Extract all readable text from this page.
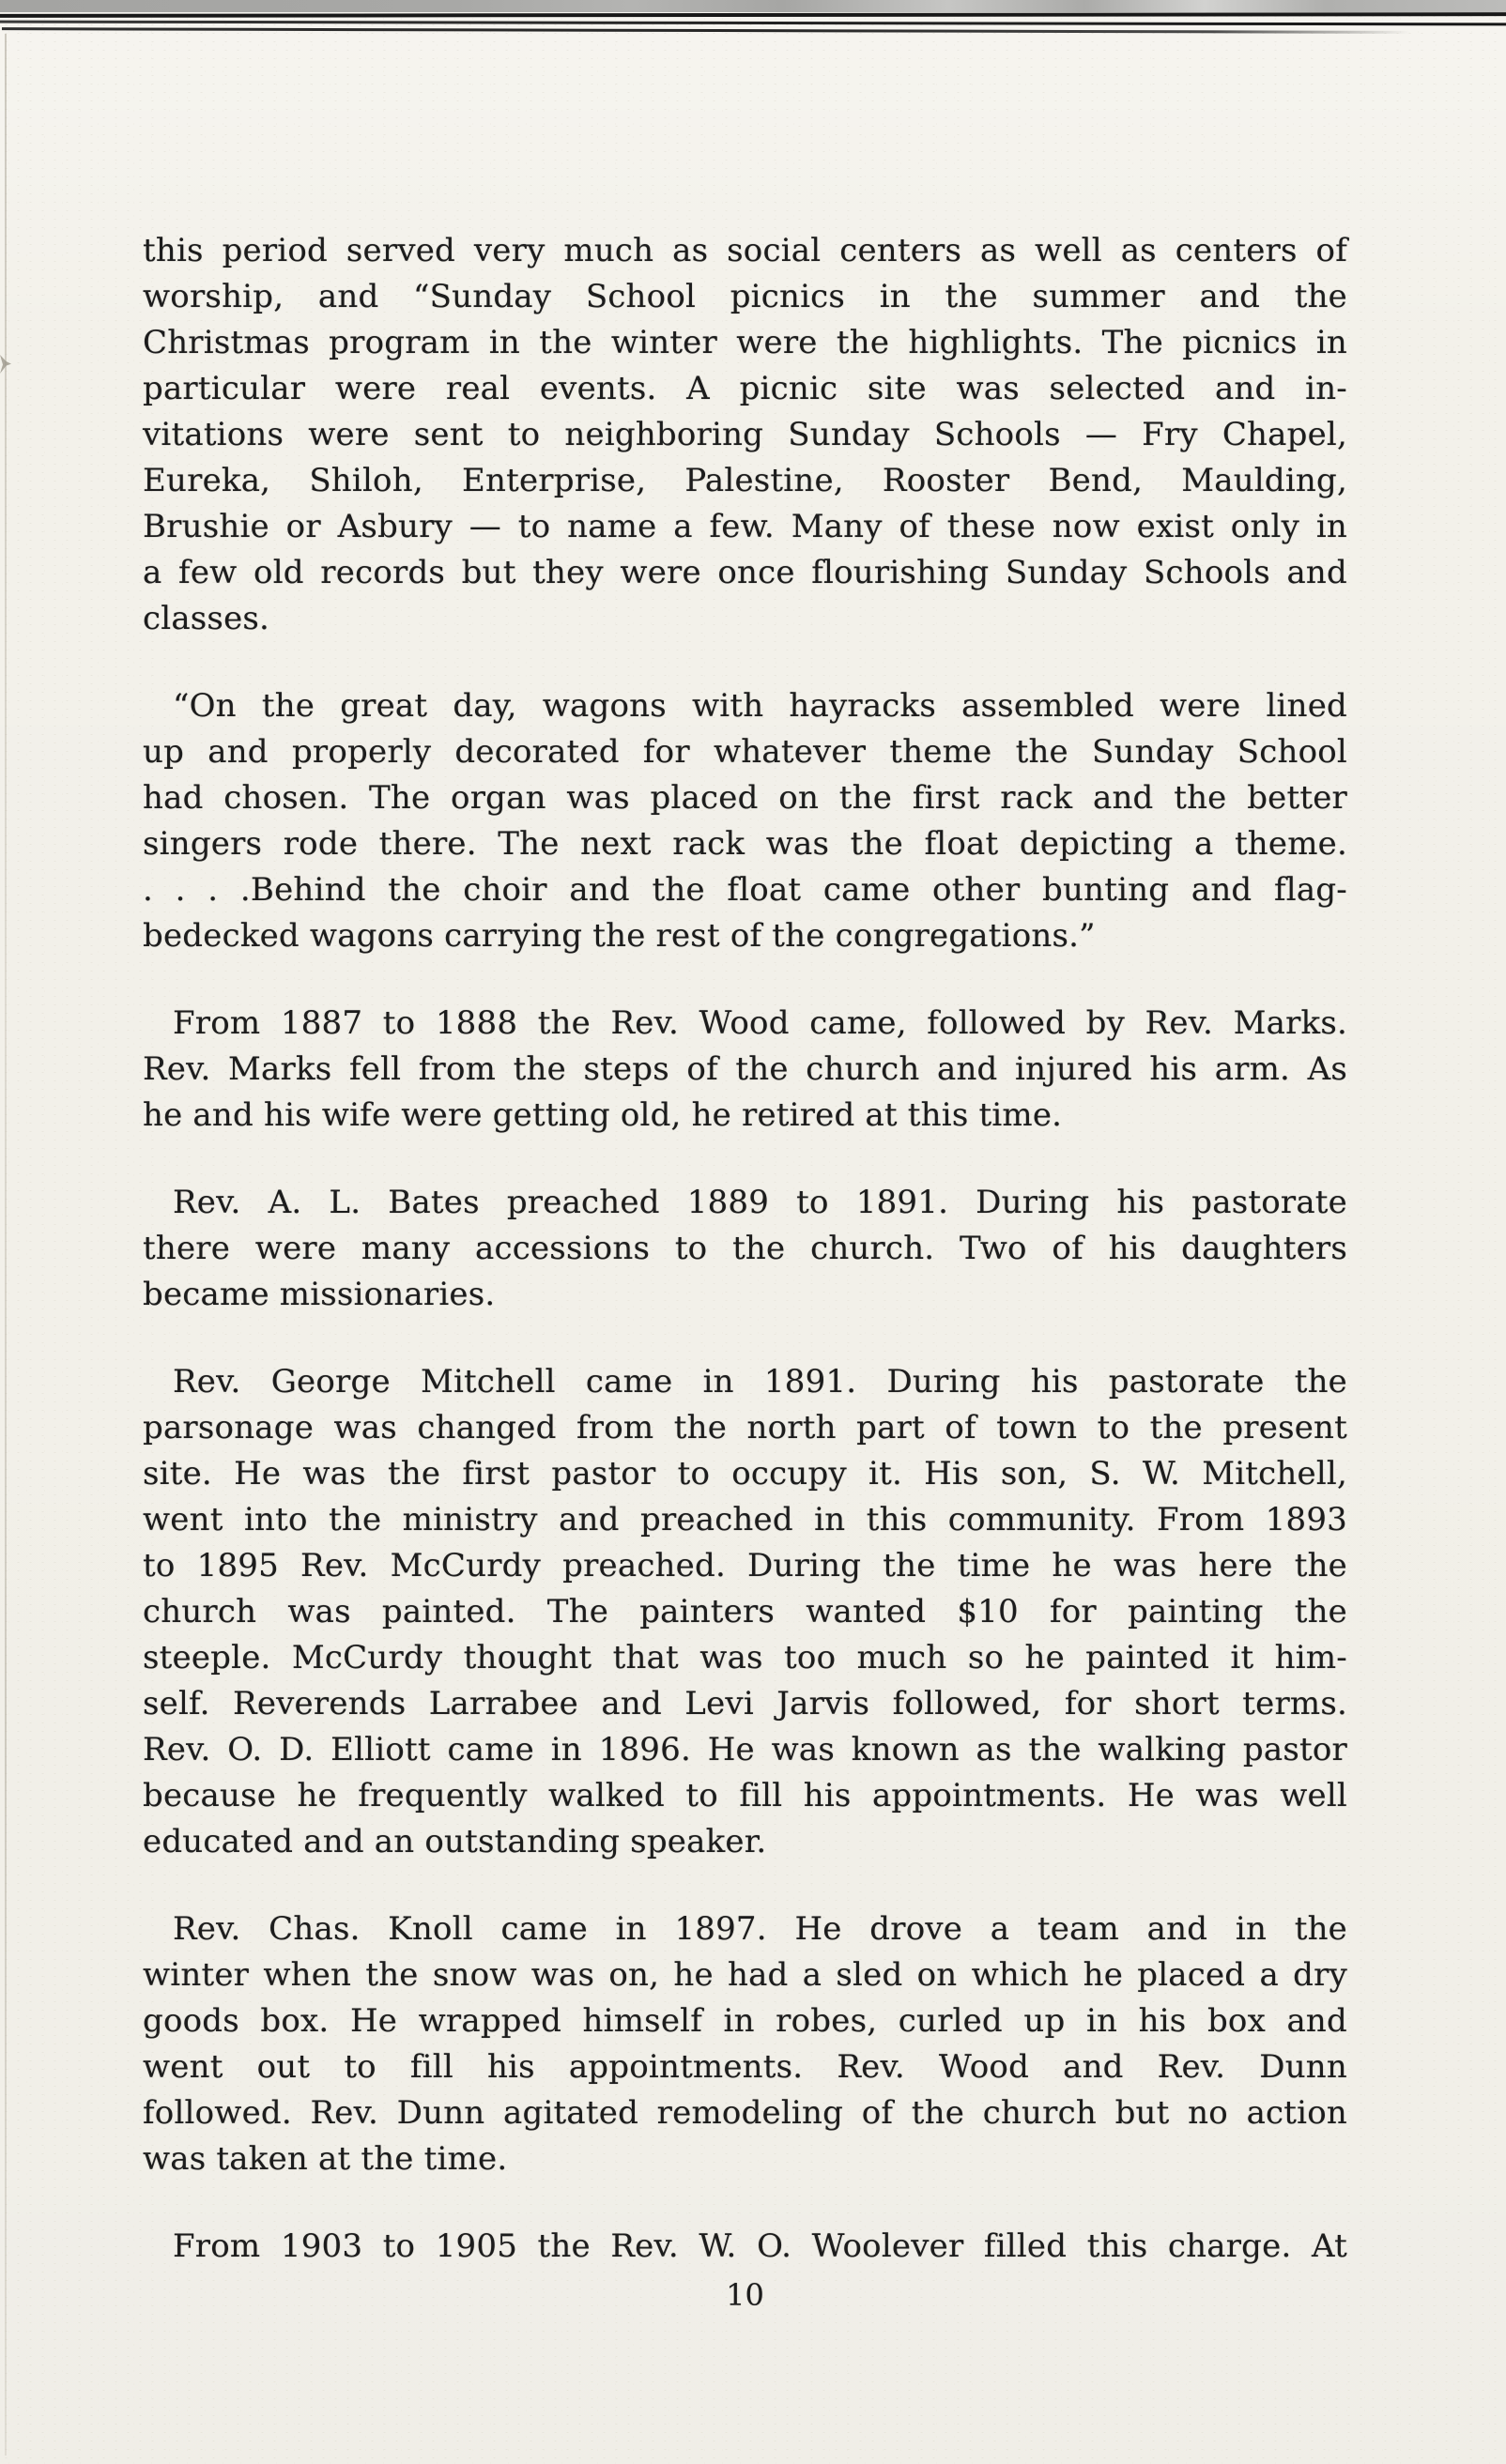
this period served very much as social centers as well as centers of
worship, and “Sunday School picnics in the summer and the
Christmas program in the winter were the highlights. The picnics in
particular were real events. A picnic site was selected and in-
vitations were sent to neighboring Sunday Schools — Fry Chapel,
Eureka, Shiloh, Enterprise, Palestine, Rooster Bend, Maulding,
Brushie or Asbury — to name a few. Many of these now exist only in
a few old records but they were once flourishing Sunday Schools and
classes.
“On the great day, wagons with hayracks assembled were lined
up and properly decorated for whatever theme the Sunday School
had chosen. The organ was placed on the first rack and the better
singers rode there. The next rack was the float depicting a theme.
. . . .Behind the choir and the float came other bunting and flag-
bedecked wagons carrying the rest of the congregations.”
From 1887 to 1888 the Rev. Wood came, followed by Rev. Marks.
Rev. Marks fell from the steps of the church and injured his arm. As
he and his wife were getting old, he retired at this time.
Rev. A. L. Bates preached 1889 to 1891. During his pastorate
there were many accessions to the church. Two of his daughters
became missionaries.
Rev. George Mitchell came in 1891. During his pastorate the
parsonage was changed from the north part of town to the present
site. He was the first pastor to occupy it. His son, S. W. Mitchell,
went into the ministry and preached in this community. From 1893
to 1895 Rev. McCurdy preached. During the time he was here the
church was painted. The painters wanted $10 for painting the
steeple. McCurdy thought that was too much so he painted it him-
self. Reverends Larrabee and Levi Jarvis followed, for short terms.
Rev. O. D. Elliott came in 1896. He was known as the walking pastor
because he frequently walked to fill his appointments. He was well
educated and an outstanding speaker.
Rev. Chas. Knoll came in 1897. He drove a team and in the
winter when the snow was on, he had a sled on which he placed a dry
goods box. He wrapped himself in robes, curled up in his box and
went out to fill his appointments. Rev. Wood and Rev. Dunn
followed. Rev. Dunn agitated remodeling of the church but no action
was taken at the time.
From 1903 to 1905 the Rev. W. O. Woolever filled this charge. At
10
